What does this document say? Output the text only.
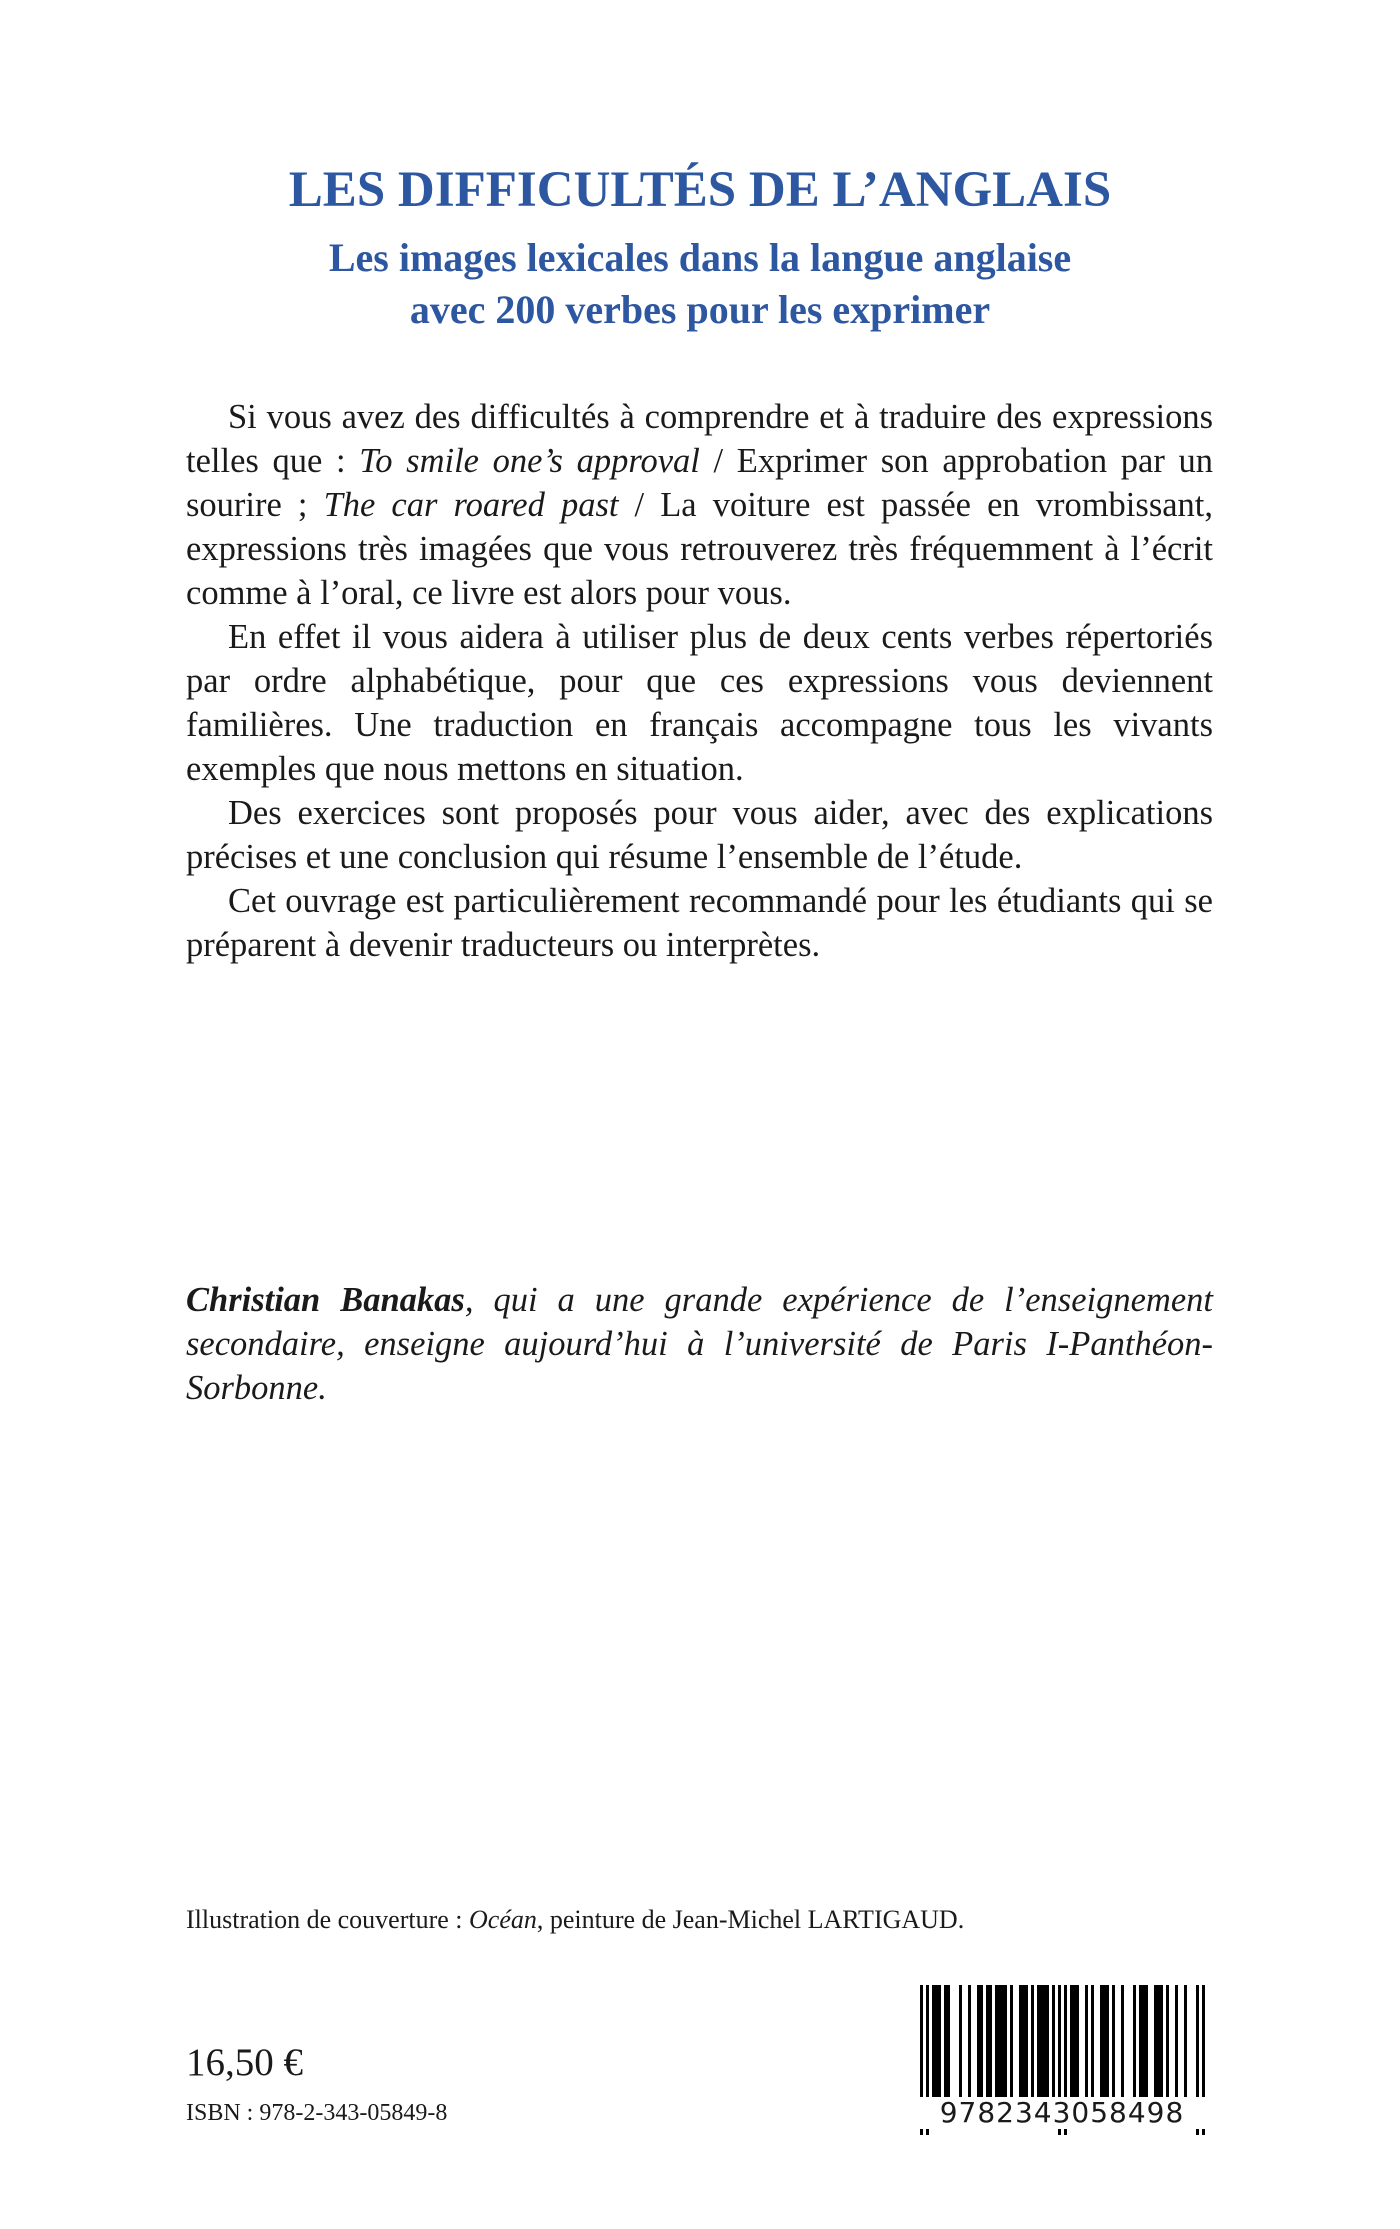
LES DIFFICULTÉS DE L’ANGLAIS

Les images lexicales dans la langue anglaise
avec 200 verbes pour les exprimer

Si vous avez des difficultés à comprendre et à traduire des expressions telles que : To smile one’s approval / Exprimer son approbation par un sourire ; The car roared past / La voiture est passée en vrombissant, expressions très imagées que vous retrouverez très fréquemment à l’écrit comme à l’oral, ce livre est alors pour vous.

En effet il vous aidera à utiliser plus de deux cents verbes répertoriés par ordre alphabétique, pour que ces expressions vous deviennent familières. Une traduction en français accompagne tous les vivants exemples que nous mettons en situation.

Des exercices sont proposés pour vous aider, avec des explications précises et une conclusion qui résume l’ensemble de l’étude.

Cet ouvrage est particulièrement recommandé pour les étudiants qui se préparent à devenir traducteurs ou interprètes.

Christian Banakas, qui a une grande expérience de l’enseignement secondaire, enseigne aujourd’hui à l’université de Paris I-Panthéon-Sorbonne.

Illustration de couverture : Océan, peinture de Jean-Michel LARTIGAUD.

16,50 €

ISBN : 978-2-343-05849-8	9782343058498
